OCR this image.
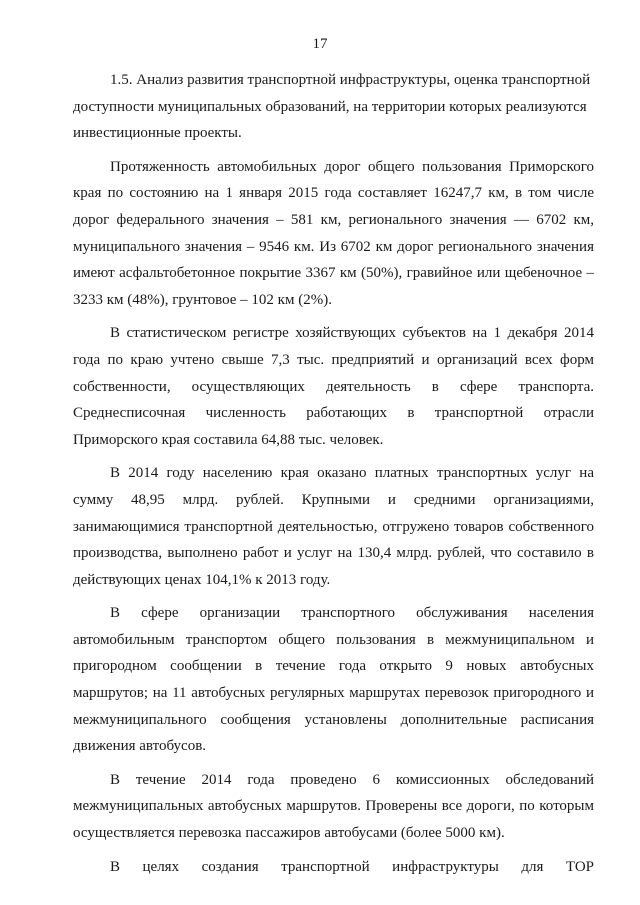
17

1.5. Анализ развития транспортной инфраструктуры, оценка транспортной доступности муниципальных образований, на территории которых реализуются инвестиционные проекты.

Протяженность автомобильных дорог общего пользования Приморского края по состоянию на 1 января 2015 года составляет 16247,7 км, в том числе дорог федерального значения – 581 км, регионального значения — 6702 км, муниципального значения – 9546 км. Из 6702 км дорог регионального значения имеют асфальтобетонное покрытие 3367 км (50%), гравийное или щебеночное – 3233 км (48%), грунтовое – 102 км (2%).

В статистическом регистре хозяйствующих субъектов на 1 декабря 2014 года по краю учтено свыше 7,3 тыс. предприятий и организаций всех форм собственности, осуществляющих деятельность в сфере транспорта. Среднесписочная численность работающих в транспортной отрасли Приморского края составила 64,88 тыс. человек.

В 2014 году населению края оказано платных транспортных услуг на сумму 48,95 млрд. рублей. Крупными и средними организациями, занимающимися транспортной деятельностью, отгружено товаров собственного производства, выполнено работ и услуг на 130,4 млрд. рублей, что составило в действующих ценах 104,1% к 2013 году.

В сфере организации транспортного обслуживания населения автомобильным транспортом общего пользования в межмуниципальном и пригородном сообщении в течение года открыто 9 новых автобусных маршрутов; на 11 автобусных регулярных маршрутах перевозок пригородного и межмуниципального сообщения установлены дополнительные расписания движения автобусов.

В течение 2014 года проведено 6 комиссионных обследований межмуниципальных автобусных маршрутов. Проверены все дороги, по которым осуществляется перевозка пассажиров автобусами (более 5000 км).

В целях создания транспортной инфраструктуры для ТОР
